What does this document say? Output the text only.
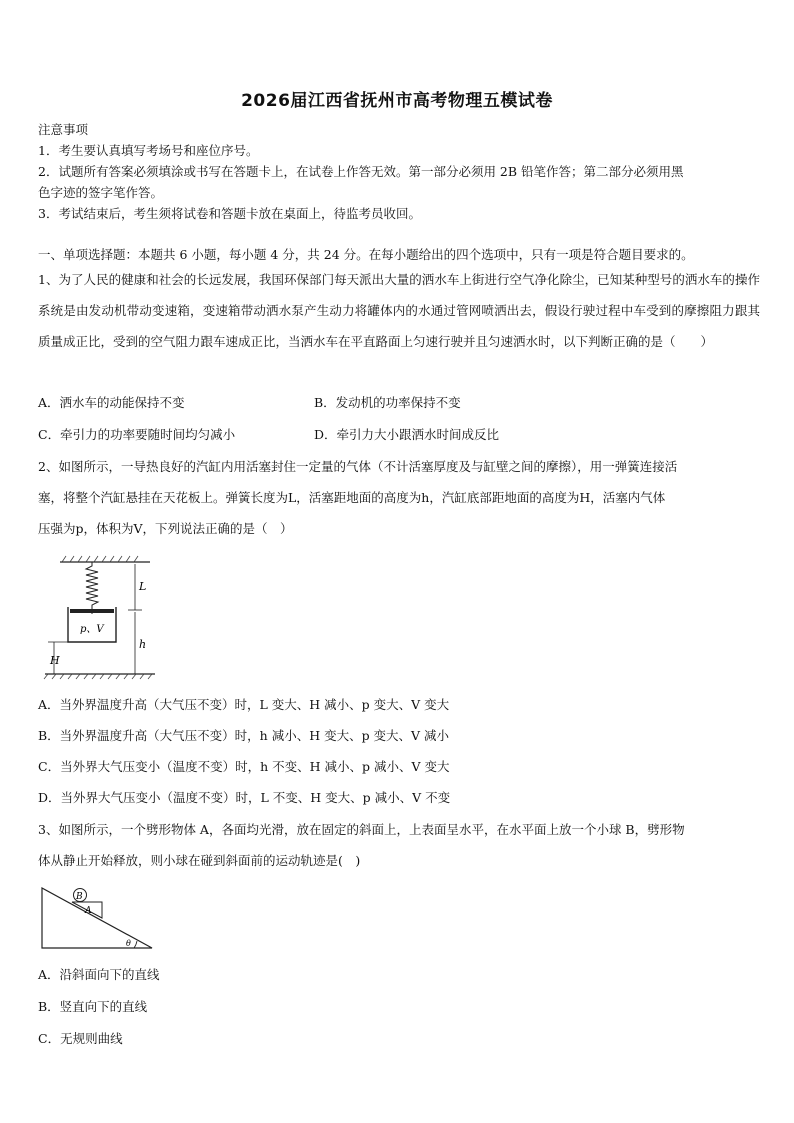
2026届江西省抚州市高考物理五模试卷
注意事项
1．考生要认真填写考场号和座位序号。
2．试题所有答案必须填涂或书写在答题卡上，在试卷上作答无效。第一部分必须用 2B 铅笔作答；第二部分必须用黑
色字迹的签字笔作答。
3．考试结束后，考生须将试卷和答题卡放在桌面上，待监考员收回。
一、单项选择题：本题共 6 小题，每小题 4 分，共 24 分。在每小题给出的四个选项中，只有一项是符合题目要求的。
1、为了人民的健康和社会的长远发展，我国环保部门每天派出大量的洒水车上街进行空气净化除尘，已知某种型号的洒水车的操作系统是由发动机带动变速箱，变速箱带动洒水泵产生动力将罐体内的水通过管网喷洒出去，假设行驶过程中车受到的摩擦阻力跟其质量成正比，受到的空气阻力跟车速成正比，当洒水车在平直路面上匀速行驶并且匀速洒水时，以下判断正确的是（　　）
A．洒水车的动能保持不变	B．发动机的功率保持不变
C．牵引力的功率要随时间均匀减小	D．牵引力大小跟洒水时间成反比
2、如图所示，一导热良好的汽缸内用活塞封住一定量的气体（不计活塞厚度及与缸壁之间的摩擦），用一弹簧连接活
塞，将整个汽缸悬挂在天花板上。弹簧长度为L，活塞距地面的高度为h，汽缸底部距地面的高度为H，活塞内气体
压强为p，体积为V，下列说法正确的是（　）
L
h
H
p、V
A．当外界温度升高（大气压不变）时，L 变大、H 减小、p 变大、V 变大
B．当外界温度升高（大气压不变）时，h 减小、H 变大、p 变大、V 减小
C．当外界大气压变小（温度不变）时，h 不变、H 减小、p 减小、V 变大
D．当外界大气压变小（温度不变）时，L 不变、H 变大、p 减小、V 不变
3、如图所示，一个劈形物体 A，各面均光滑，放在固定的斜面上，上表面呈水平，在水平面上放一个小球 B，劈形物
体从静止开始释放，则小球在碰到斜面前的运动轨迹是(　)
B
A
θ
A．沿斜面向下的直线
B．竖直向下的直线
C．无规则曲线
